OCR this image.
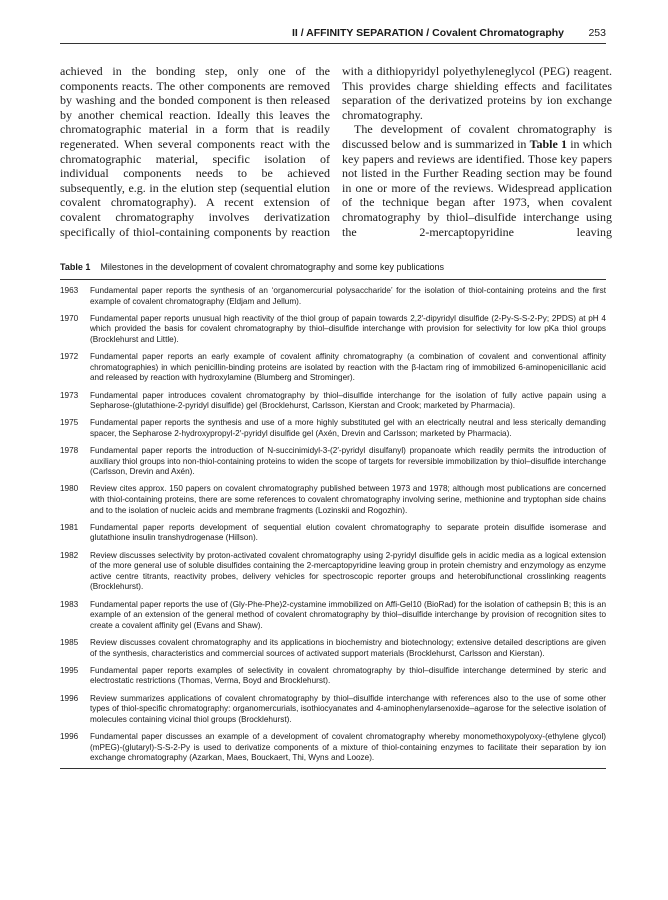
II / AFFINITY SEPARATION / Covalent Chromatography 253

achieved in the bonding step, only one of the components reacts. The other components are removed by washing and the bonded component is then released by another chemical reaction. Ideally this leaves the chromatographic material in a form that is readily regenerated. When several components react with the chromatographic material, specific isolation of individual components needs to be achieved subsequently, e.g. in the elution step (sequential elution covalent chromatography). A recent extension of covalent chromatography involves derivatization specifically of thiol-containing components by reaction

with a dithiopyridyl polyethyleneglycol (PEG) reagent. This provides charge shielding effects and facilitates separation of the derivatized proteins by ion exchange chromatography.

The development of covalent chromatography is discussed below and is summarized in Table 1 in which key papers and reviews are identified. Those key papers not listed in the Further Reading section may be found in one or more of the reviews. Widespread application of the technique began after 1973, when covalent chromatography by thiol–disulfide interchange using the 2-mercaptopyridine leaving

Table 1 Milestones in the development of covalent chromatography and some key publications
1963	Fundamental paper reports the synthesis of an ‘organomercurial polysaccharide’ for the isolation of thiol-containing proteins and the first example of covalent chromatography (Eldjam and Jellum).
1970	Fundamental paper reports unusual high reactivity of the thiol group of papain towards 2,2′-dipyridyl disulfide (2-Py-S-S-2-Py; 2PDS) at pH 4 which provided the basis for covalent chromatography by thiol–disulfide interchange with provision for selectivity for low pKa thiol groups (Brocklehurst and Little).
1972	Fundamental paper reports an early example of covalent affinity chromatography (a combination of covalent and conventional affinity chromatographies) in which penicillin-binding proteins are isolated by reaction with the β-lactam ring of immobilized 6-aminopenicillanic acid and released by reaction with hydroxylamine (Blumberg and Strominger).
1973	Fundamental paper introduces covalent chromatography by thiol–disulfide interchange for the isolation of fully active papain using a Sepharose-(glutathione-2-pyridyl disulfide) gel (Brocklehurst, Carlsson, Kierstan and Crook; marketed by Pharmacia).
1975	Fundamental paper reports the synthesis and use of a more highly substituted gel with an electrically neutral and less sterically demanding spacer, the Sepharose 2-hydroxypropyl-2′-pyridyl disulfide gel (Axén, Drevin and Carlsson; marketed by Pharmacia).
1978	Fundamental paper reports the introduction of N-succinimidyl-3-(2′-pyridyl disulfanyl) propanoate which readily permits the introduction of auxiliary thiol groups into non-thiol-containing proteins to widen the scope of targets for reversible immobilization by thiol–disulfide interchange (Carlsson, Drevin and Axén).
1980	Review cites approx. 150 papers on covalent chromatography published between 1973 and 1978; although most publications are concerned with thiol-containing proteins, there are some references to covalent chromatography involving serine, methionine and tryptophan side chains and to the isolation of nucleic acids and membrane fragments (Lozinskii and Rogozhin).
1981	Fundamental paper reports development of sequential elution covalent chromatography to separate protein disulfide isomerase and glutathione insulin transhydrogenase (Hillson).
1982	Review discusses selectivity by proton-activated covalent chromatography using 2-pyridyl disulfide gels in acidic media as a logical extension of the more general use of soluble disulfides containing the 2-mercaptopyridine leaving group in protein chemistry and enzymology as enzyme active centre titrants, reactivity probes, delivery vehicles for spectroscopic reporter groups and heterobifunctional crosslinking reagents (Brocklehurst).
1983	Fundamental paper reports the use of (Gly-Phe-Phe)2-cystamine immobilized on Affi-Gel10 (BioRad) for the isolation of cathepsin B; this is an example of an extension of the general method of covalent chromatography by thiol–disulfide interchange by provision of recognition sites to create a covalent affinity gel (Evans and Shaw).
1985	Review discusses covalent chromatography and its applications in biochemistry and biotechnology; extensive detailed descriptions are given of the synthesis, characteristics and commercial sources of activated support materials (Brocklehurst, Carlsson and Kierstan).
1995	Fundamental paper reports examples of selectivity in covalent chromatography by thiol–disulfide interchange determined by steric and electrostatic restrictions (Thomas, Verma, Boyd and Brocklehurst).
1996	Review summarizes applications of covalent chromatography by thiol–disulfide interchange with references also to the use of some other types of thiol-specific chromatography: organomercurials, isothiocyanates and 4-aminophenylarsenoxide–agarose for the selective isolation of molecules containing vicinal thiol groups (Brocklehurst).
1996	Fundamental paper discusses an example of a development of covalent chromatography whereby monomethoxypolyoxy-(ethylene glycol) (mPEG)-(glutaryl)-S-S-2-Py is used to derivatize components of a mixture of thiol-containing enzymes to facilitate their separation by ion exchange chromatography (Azarkan, Maes, Bouckaert, Thi, Wyns and Looze).
